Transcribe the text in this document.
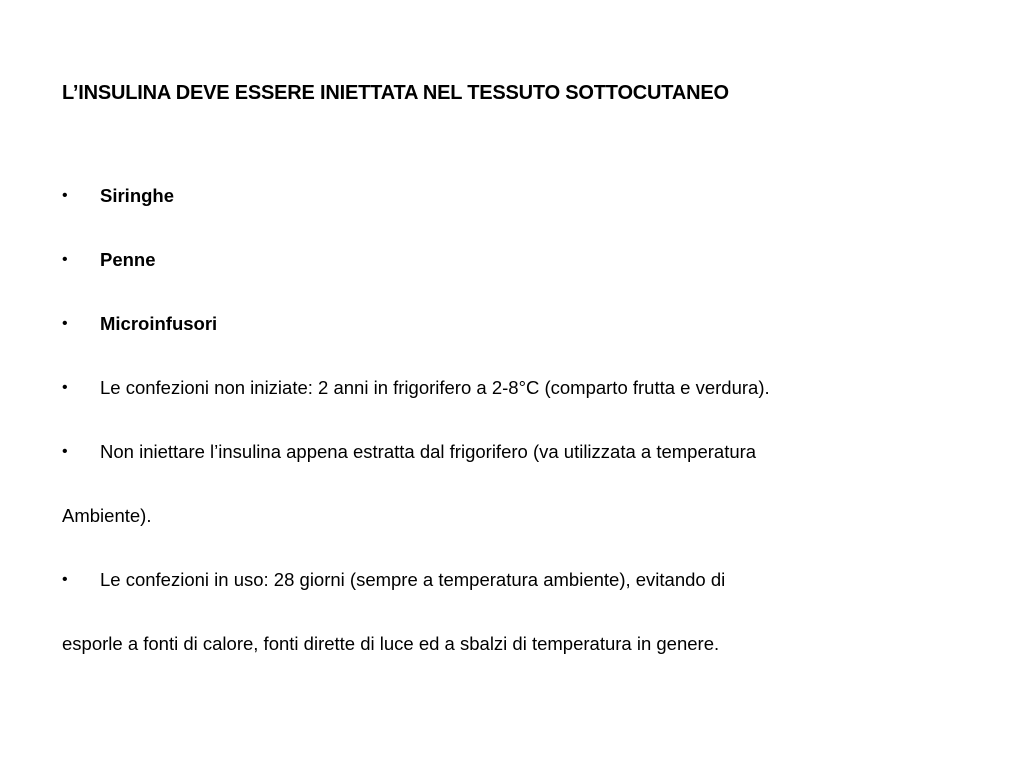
L’INSULINA DEVE ESSERE INIETTATA NEL TESSUTO SOTTOCUTANEO
•	Siringhe
•	Penne
•	Microinfusori
•	Le confezioni non iniziate: 2 anni in frigorifero a 2-8°C (comparto frutta e verdura).
•	Non iniettare l’insulina appena estratta dal frigorifero (va utilizzata a temperatura
Ambiente).
•	Le confezioni in uso: 28 giorni (sempre a temperatura ambiente), evitando di
esporle a fonti di calore, fonti dirette di luce ed a sbalzi di temperatura in genere.
